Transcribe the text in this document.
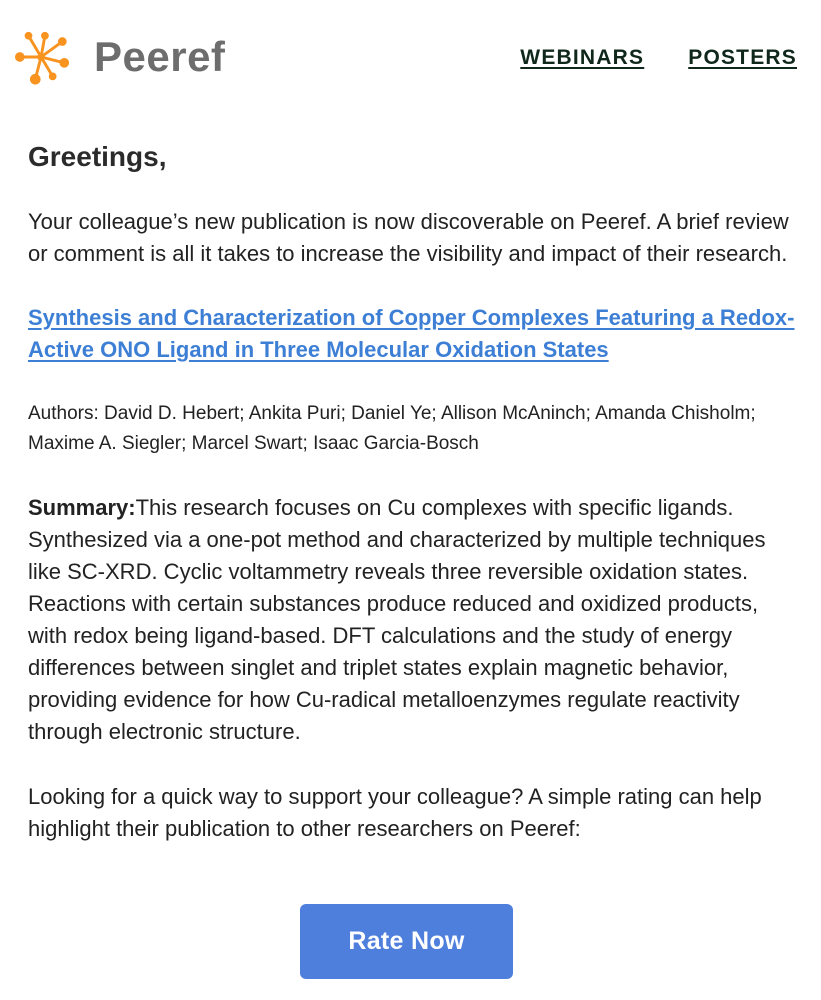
Peeref	WEBINARS POSTERS
Greetings,

Your colleague’s new publication is now discoverable on Peeref. A brief review or comment is all it takes to increase the visibility and impact of their research.

Synthesis and Characterization of Copper Complexes Featuring a Redox-Active ONO Ligand in Three Molecular Oxidation States

Authors: David D. Hebert; Ankita Puri; Daniel Ye; Allison McAninch; Amanda Chisholm; Maxime A. Siegler; Marcel Swart; Isaac Garcia-Bosch

Summary:This research focuses on Cu complexes with specific ligands. Synthesized via a one-pot method and characterized by multiple techniques like SC-XRD. Cyclic voltammetry reveals three reversible oxidation states. Reactions with certain substances produce reduced and oxidized products, with redox being ligand-based. DFT calculations and the study of energy differences between singlet and triplet states explain magnetic behavior, providing evidence for how Cu-radical metalloenzymes regulate reactivity through electronic structure.

Looking for a quick way to support your colleague? A simple rating can help highlight their publication to other researchers on Peeref:

Rate Now
